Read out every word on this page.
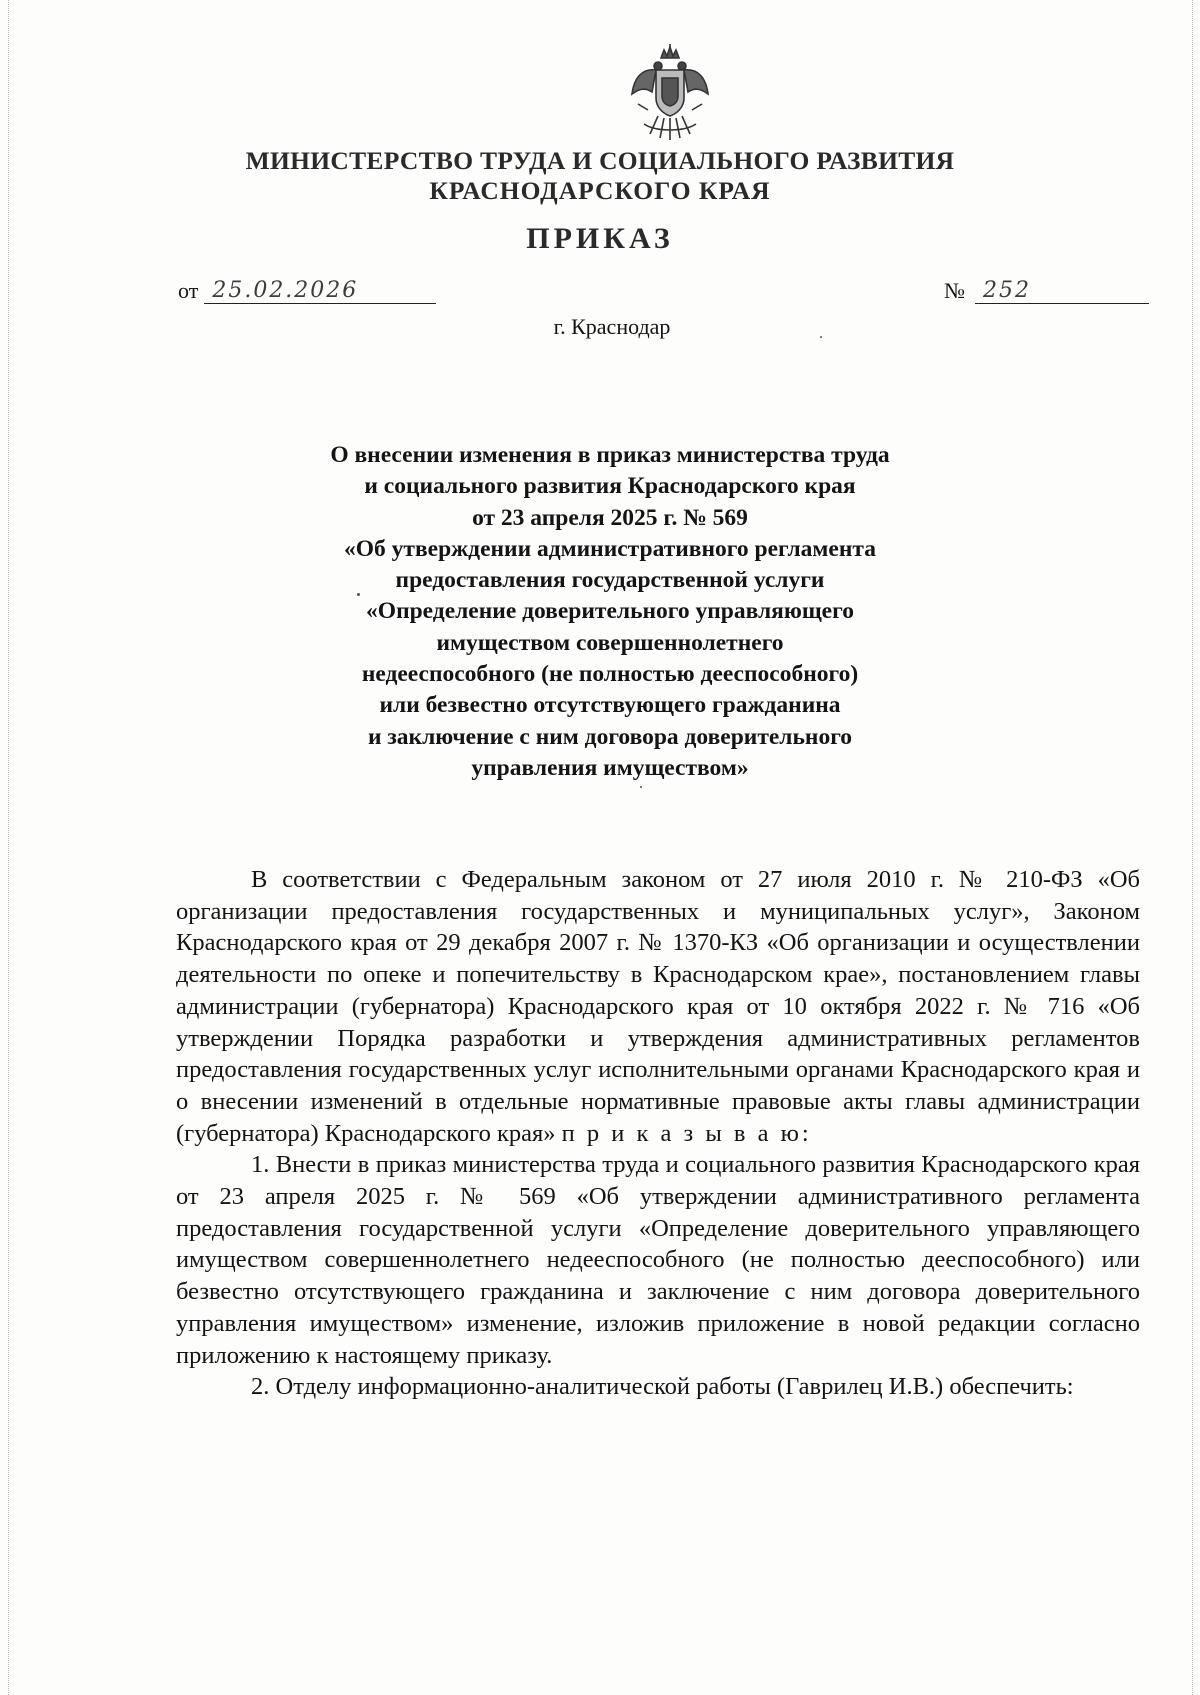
МИНИСТЕРСТВО ТРУДА И СОЦИАЛЬНОГО РАЗВИТИЯ
КРАСНОДАРСКОГО КРАЯ
ПРИКАЗ
от 25.02.2026	№ 252
г. Краснодар
О внесении изменения в приказ министерства труда
и социального развития Краснодарского края
от 23 апреля 2025 г. № 569
«Об утверждении административного регламента
предоставления государственной услуги
«Определение доверительного управляющего
имуществом совершеннолетнего
недееспособного (не полностью дееспособного)
или безвестно отсутствующего гражданина
и заключение с ним договора доверительного
управления имуществом»

В соответствии с Федеральным законом от 27 июля 2010 г. № 210-ФЗ «Об организации предоставления государственных и муниципальных услуг», Законом Краснодарского края от 29 декабря 2007 г. № 1370-КЗ «Об организации и осуществлении деятельности по опеке и попечительству в Краснодарском крае», постановлением главы администрации (губернатора) Краснодарского края от 10 октября 2022 г. № 716 «Об утверждении Порядка разработки и утверждения административных регламентов предоставления государственных услуг исполнительными органами Краснодарского края и о внесении изменений в отдельные нормативные правовые акты главы администрации (губернатора) Краснодарского края» п р и к а з ы в а ю:

1. Внести в приказ министерства труда и социального развития Краснодарского края от 23 апреля 2025 г. № 569 «Об утверждении административного регламента предоставления государственной услуги «Определение доверительного управляющего имуществом совершеннолетнего недееспособного (не полностью дееспособного) или безвестно отсутствующего гражданина и заключение с ним договора доверительного управления имуществом» изменение, изложив приложение в новой редакции согласно приложению к настоящему приказу.

2. Отделу информационно-аналитической работы (Гаврилец И.В.) обеспечить:
